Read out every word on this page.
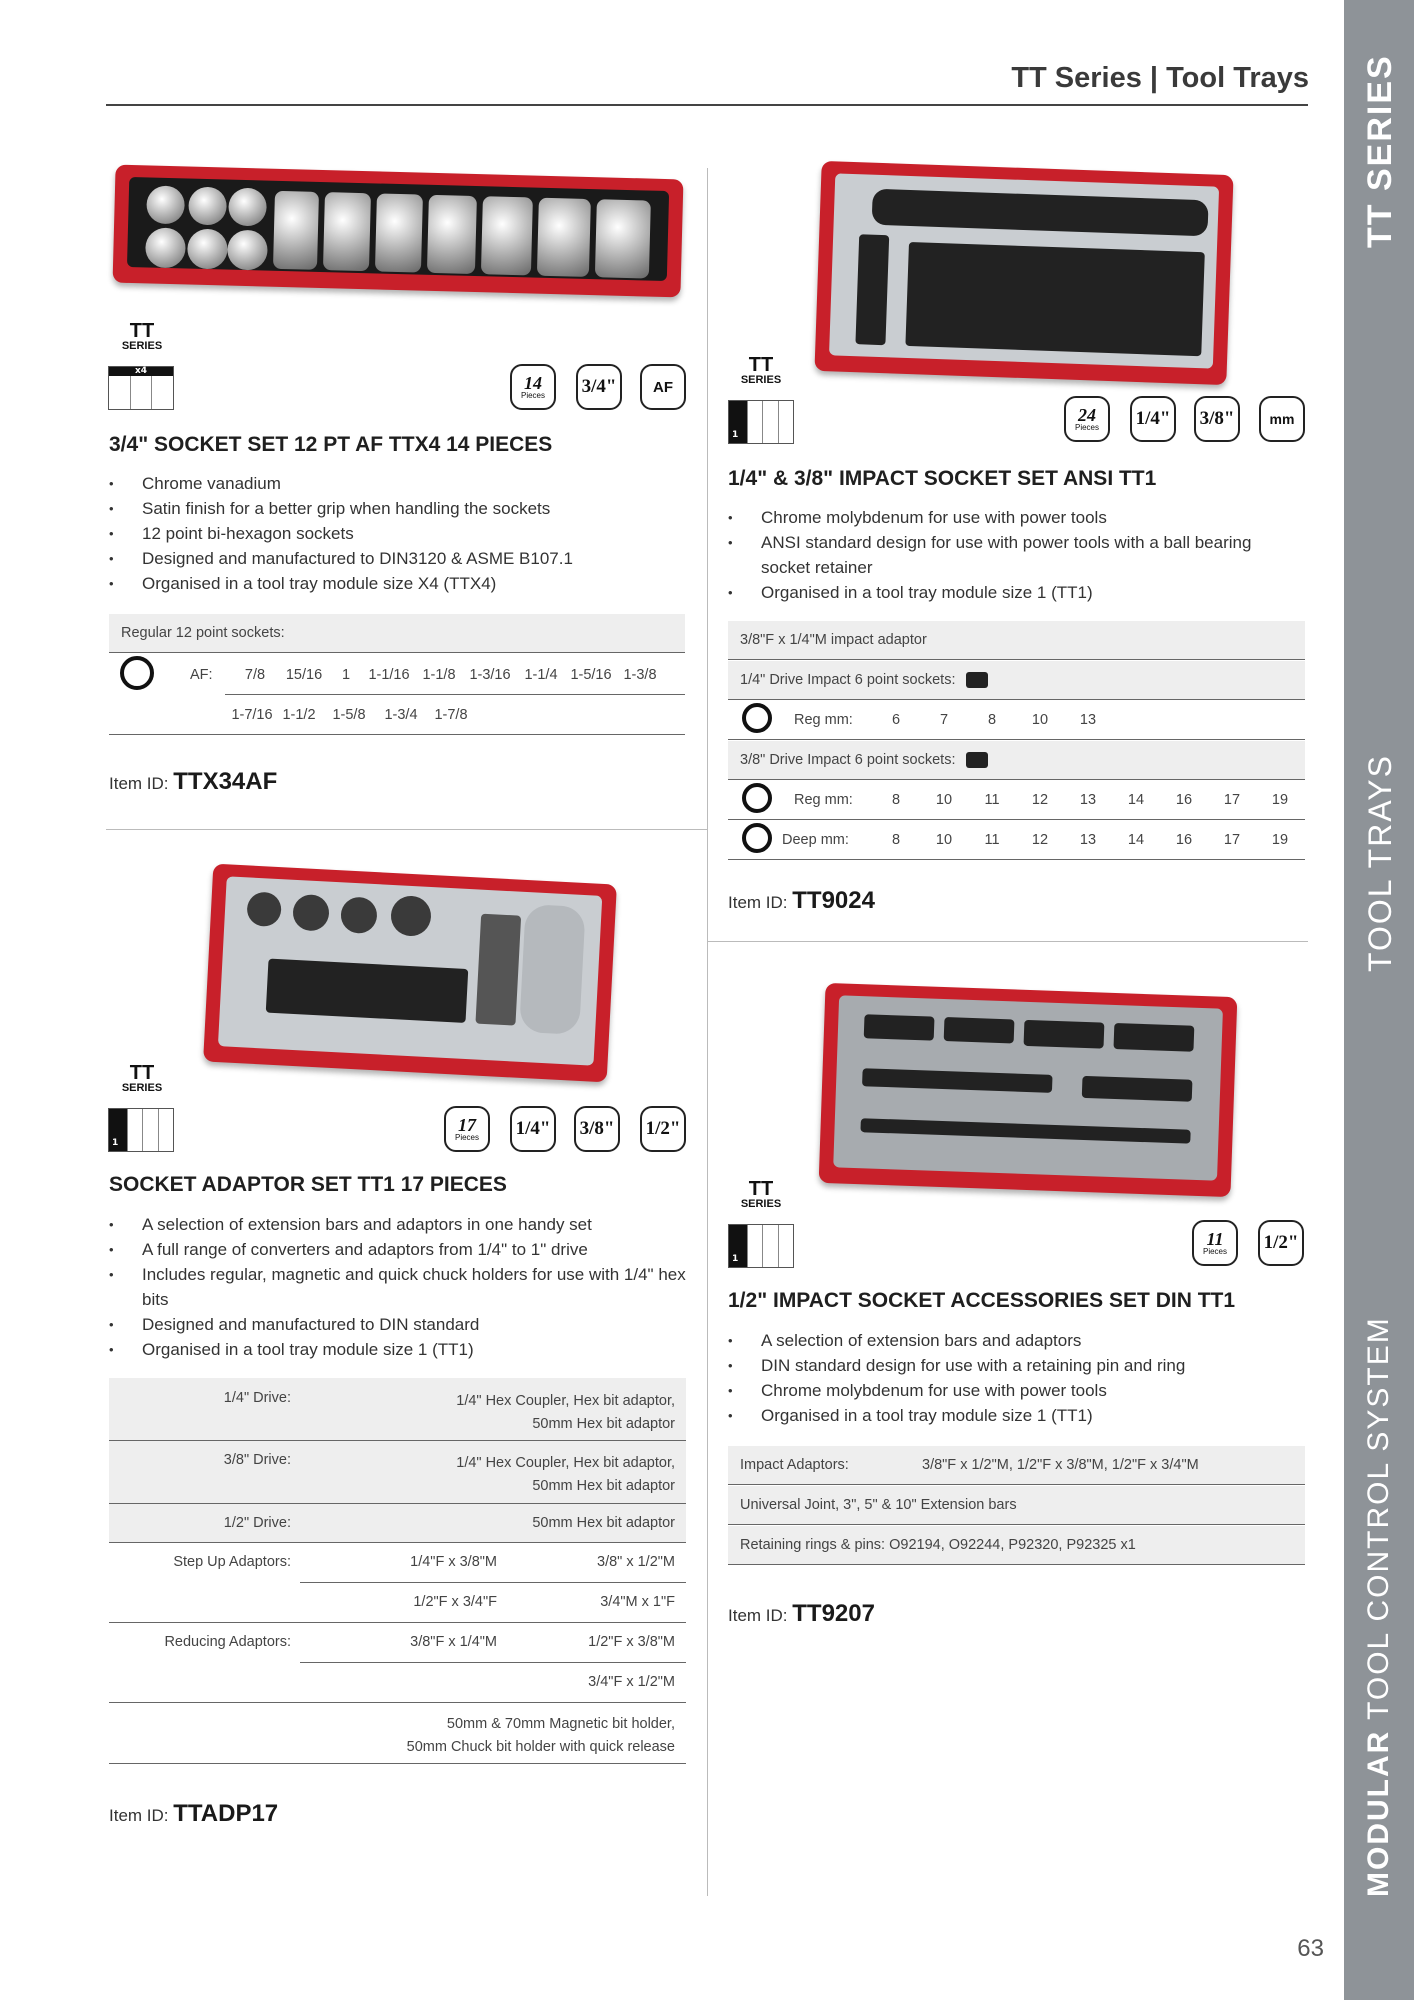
TT SERIES
TOOL TRAYS
MODULAR TOOL CONTROL SYSTEM
TT Series | Tool Trays
TT
SERIES
x4
14
Pieces 3/4" AF
3/4" SOCKET SET 12 PT AF TTX4 14 PIECES
• Chrome vanadium
• Satin finish for a better grip when handling the sockets
• 12 point bi-hexagon sockets
• Designed and manufactured to DIN3120 & ASME B107.1
• Organised in a tool tray module size X4 (TTX4)
Regular 12 point sockets:
AF:	7/8	15/16	1	1-1/16 1-1/8 1-3/16 1-1/4 1-5/16 1-3/8
1-7/16 1-1/2	1-5/8	1-3/4	1-7/8
Item ID: TTX34AF
TT
SERIES
1
24
Pieces 1/4" 3/8"	mm
1/4" & 3/8" IMPACT SOCKET SET ANSI TT1
• Chrome molybdenum for use with power tools
• ANSI standard design for use with power tools with a ball bearing socket retainer
• Organised in a tool tray module size 1 (TT1)
3/8"F x 1/4"M impact adaptor
1/4" Drive Impact 6 point sockets:
Reg mm:	6	7	8	10	13
3/8" Drive Impact 6 point sockets:
Reg mm:	8	10	11	12	13	14	16	17	19
Deep mm:	8	10	11	12	13	14	16	17	19
Item ID: TT9024
TT
SERIES
1
17
Pieces 1/4" 3/8" 1/2"
SOCKET ADAPTOR SET TT1 17 PIECES
• A selection of extension bars and adaptors in one handy set
• A full range of converters and adaptors from 1/4" to 1" drive
• Includes regular, magnetic and quick chuck holders for use with 1/4" hex bits
• Designed and manufactured to DIN standard
• Organised in a tool tray module size 1 (TT1)
1/4" Drive:	1/4" Hex Coupler, Hex bit adaptor,
50mm Hex bit adaptor
3/8" Drive:	1/4" Hex Coupler, Hex bit adaptor,
50mm Hex bit adaptor
1/2" Drive:	50mm Hex bit adaptor
Step Up Adaptors:	1/4"F x 3/8"M	3/8" x 1/2"M
1/2"F x 3/4"F	3/4"M x 1"F
Reducing Adaptors:	3/8"F x 1/4"M	1/2"F x 3/8"M
3/4"F x 1/2"M
50mm & 70mm Magnetic bit holder,
50mm Chuck bit holder with quick release
Item ID: TTADP17
TT
SERIES
1
11
Pieces 1/2"
1/2" IMPACT SOCKET ACCESSORIES SET DIN TT1
• A selection of extension bars and adaptors
• DIN standard design for use with a retaining pin and ring
• Chrome molybdenum for use with power tools
• Organised in a tool tray module size 1 (TT1)
Impact Adaptors:	3/8"F x 1/2"M, 1/2"F x 3/8"M, 1/2"F x 3/4"M
Universal Joint, 3", 5" & 10" Extension bars
Retaining rings & pins: O92194, O92244, P92320, P92325 x1
Item ID: TT9207
63
